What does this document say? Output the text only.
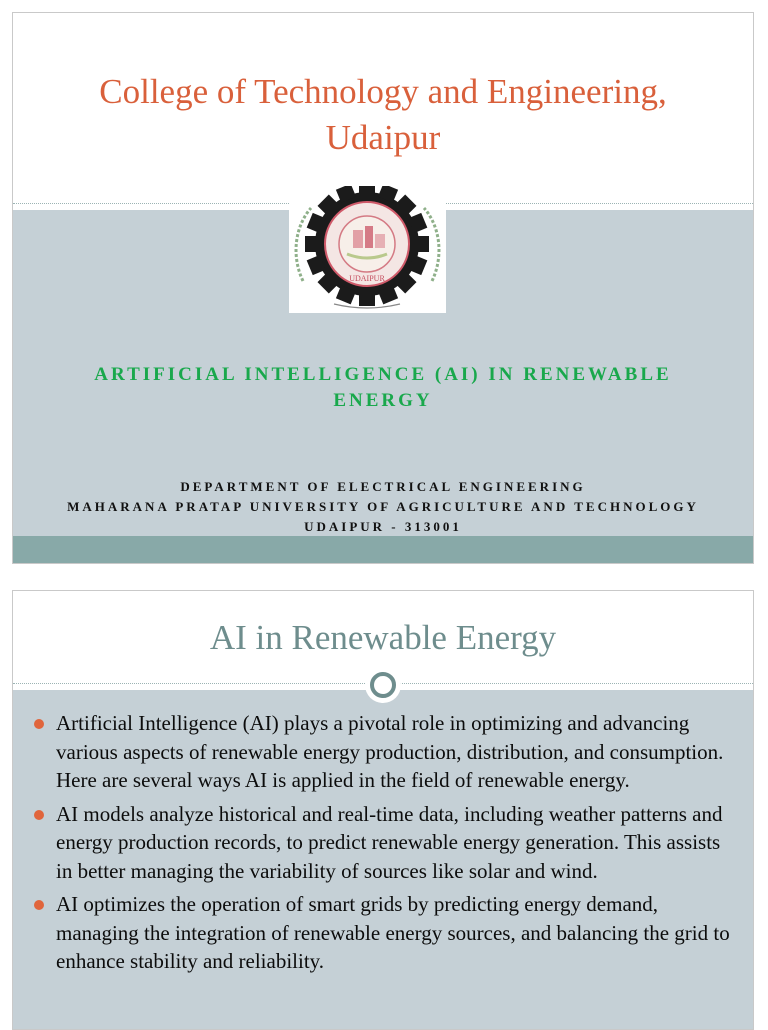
College of Technology and Engineering,
Udaipur
UDAIPUR
ARTIFICIAL INTELLIGENCE (AI) IN RENEWABLE
ENERGY
DEPARTMENT OF ELECTRICAL ENGINEERING
MAHARANA PRATAP UNIVERSITY OF AGRICULTURE AND TECHNOLOGY
UDAIPUR - 313001
AI in Renewable Energy
Artificial Intelligence (AI) plays a pivotal role in optimizing and advancing various aspects of renewable energy production, distribution, and consumption. Here are several ways AI is applied in the field of renewable energy.
AI models analyze historical and real-time data, including weather patterns and energy production records, to predict renewable energy generation. This assists in better managing the variability of sources like solar and wind.
AI optimizes the operation of smart grids by predicting energy demand, managing the integration of renewable energy sources, and balancing the grid to enhance stability and reliability.
